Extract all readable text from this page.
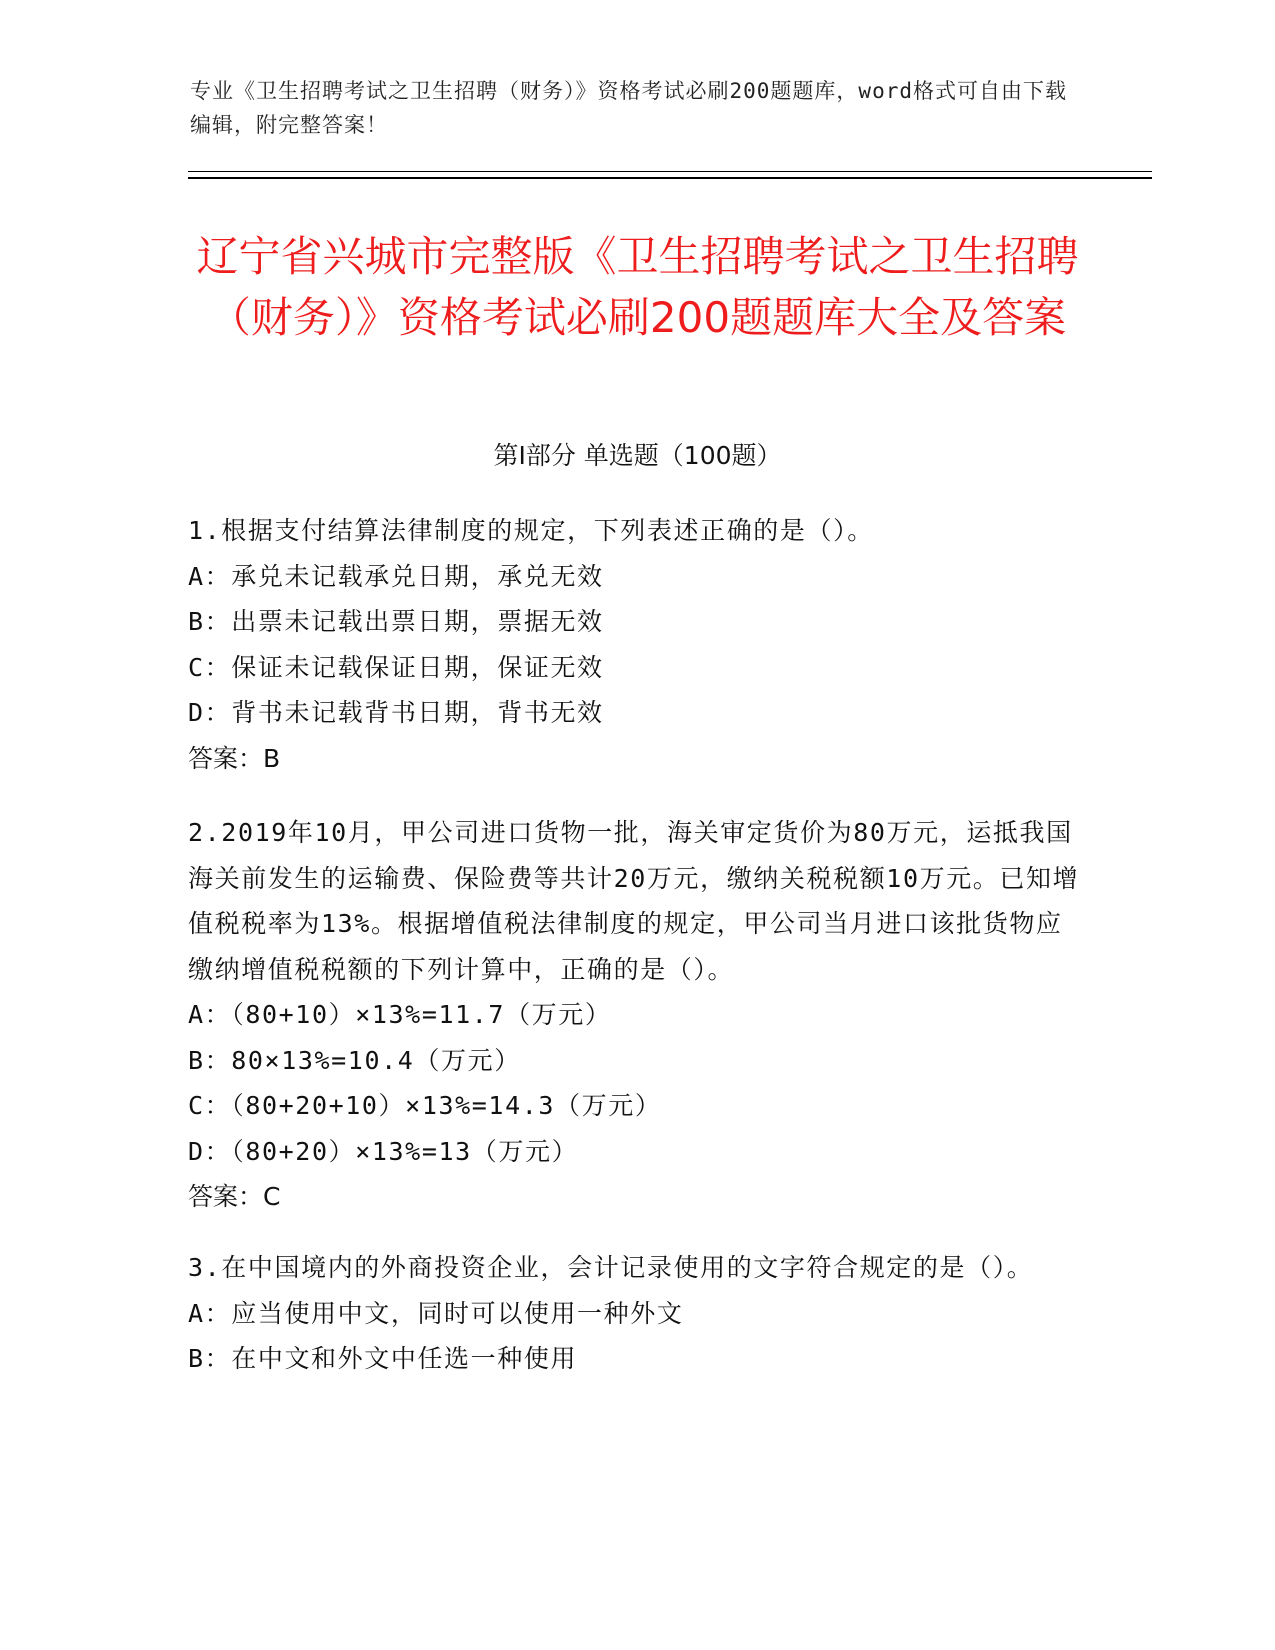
专业《卫生招聘考试之卫生招聘（财务）》资格考试必刷200题题库，word格式可自由下载编辑，附完整答案！
辽宁省兴城市完整版《卫生招聘考试之卫生招聘（财务）》资格考试必刷200题题库大全及答案
第Ⅰ部分 单选题（100题）
1.根据支付结算法律制度的规定，下列表述正确的是（）。
A：承兑未记载承兑日期，承兑无效
B：出票未记载出票日期，票据无效
C：保证未记载保证日期，保证无效
D：背书未记载背书日期，背书无效
答案：B
2.2019年10月，甲公司进口货物一批，海关审定货价为80万元，运抵我国海关前发生的运输费、保险费等共计20万元，缴纳关税税额10万元。已知增值税税率为13%。根据增值税法律制度的规定，甲公司当月进口该批货物应缴纳增值税税额的下列计算中，正确的是（）。
A：（80+10）×13%=11.7（万元）
B：80×13%=10.4（万元）
C：（80+20+10）×13%=14.3（万元）
D：（80+20）×13%=13（万元）
答案：C
3.在中国境内的外商投资企业，会计记录使用的文字符合规定的是（）。
A：应当使用中文，同时可以使用一种外文
B：在中文和外文中任选一种使用
